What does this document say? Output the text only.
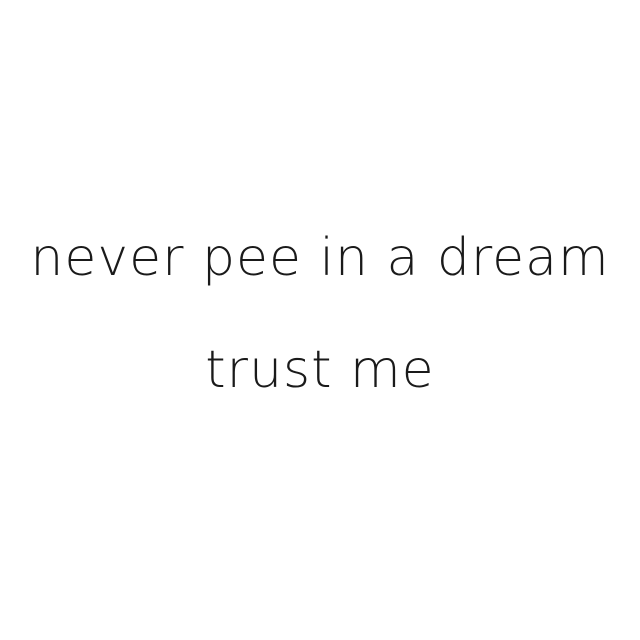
never pee in a dream
trust me
